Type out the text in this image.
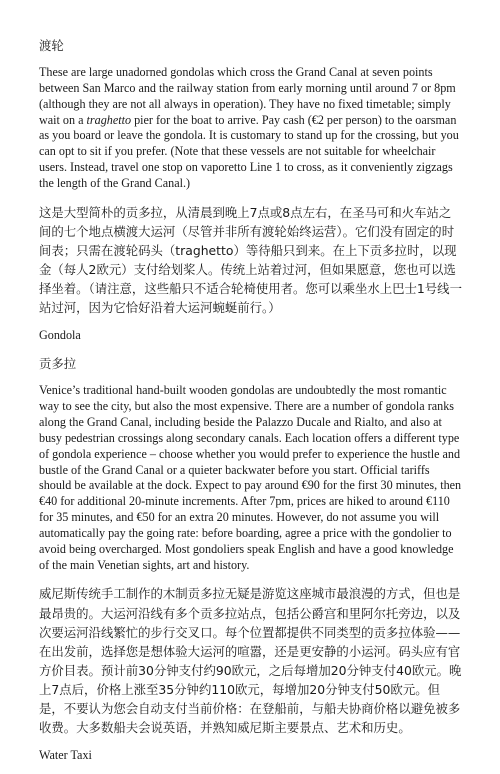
渡轮

These are large unadorned gondolas which cross the Grand Canal at seven points between San Marco and the railway station from early morning until around 7 or 8pm (although they are not all always in operation). They have no fixed timetable; simply wait on a traghetto pier for the boat to arrive. Pay cash (€2 per person) to the oarsman as you board or leave the gondola. It is customary to stand up for the crossing, but you can opt to sit if you prefer. (Note that these vessels are not suitable for wheelchair users. Instead, travel one stop on vaporetto Line 1 to cross, as it conveniently zigzags the length of the Grand Canal.)

这是大型简朴的贡多拉，从清晨到晚上7点或8点左右，在圣马可和火车站之间的七个地点横渡大运河（尽管并非所有渡轮始终运营）。它们没有固定的时间表；只需在渡轮码头（traghetto）等待船只到来。在上下贡多拉时，以现金（每人2欧元）支付给划桨人。传统上站着过河，但如果愿意，您也可以选择坐着。（请注意，这些船只不适合轮椅使用者。您可以乘坐水上巴士1号线一站过河，因为它恰好沿着大运河蜿蜒前行。）

Gondola

贡多拉

Venice’s traditional hand-built wooden gondolas are undoubtedly the most romantic way to see the city, but also the most expensive. There are a number of gondola ranks along the Grand Canal, including beside the Palazzo Ducale and Rialto, and also at busy pedestrian crossings along secondary canals. Each location offers a different type of gondola experience – choose whether you would prefer to experience the hustle and bustle of the Grand Canal or a quieter backwater before you start. Official tariffs should be available at the dock. Expect to pay around €90 for the first 30 minutes, then €40 for additional 20-minute increments. After 7pm, prices are hiked to around €110 for 35 minutes, and €50 for an extra 20 minutes. However, do not assume you will automatically pay the going rate: before boarding, agree a price with the gondolier to avoid being overcharged. Most gondoliers speak English and have a good knowledge of the main Venetian sights, art and history.

威尼斯传统手工制作的木制贡多拉无疑是游览这座城市最浪漫的方式，但也是最昂贵的。大运河沿线有多个贡多拉站点，包括公爵宫和里阿尔托旁边，以及次要运河沿线繁忙的步行交叉口。每个位置都提供不同类型的贡多拉体验——在出发前，选择您是想体验大运河的喧嚣，还是更安静的小运河。码头应有官方价目表。预计前30分钟支付约90欧元，之后每增加20分钟支付40欧元。晚上7点后，价格上涨至35分钟约110欧元，每增加20分钟支付50欧元。但是，不要认为您会自动支付当前价格：在登船前，与船夫协商价格以避免被多收费。大多数船夫会说英语，并熟知威尼斯主要景点、艺术和历史。

Water Taxi
